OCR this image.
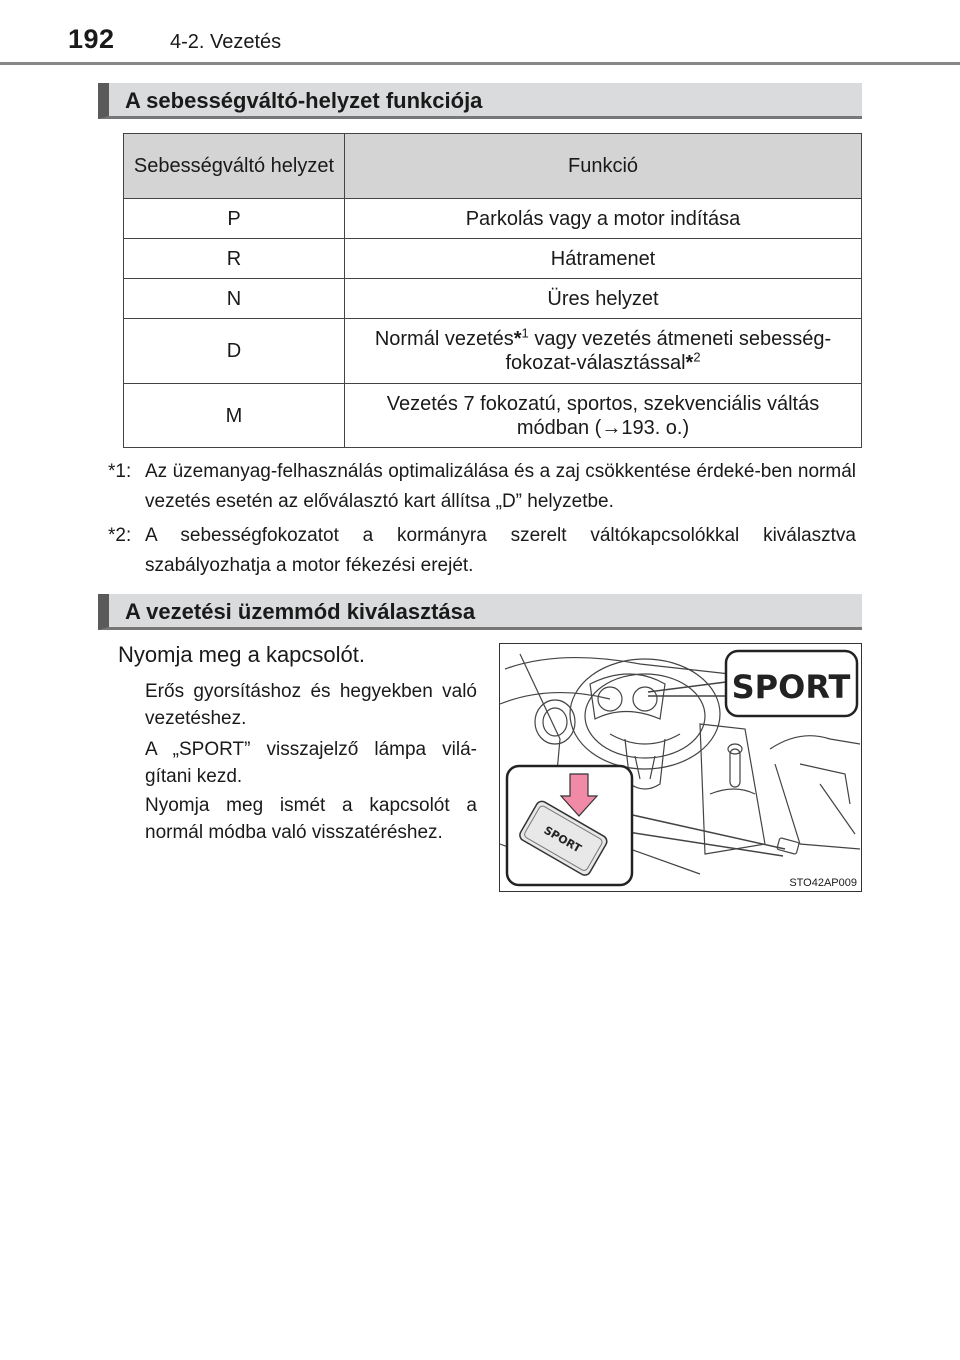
192	4-2. Vezetés
A sebességváltó-helyzet funkciója
Sebességváltó helyzet	Funkció
P	Parkolás vagy a motor indítása
R	Hátramenet
N	Üres helyzet
D	Normál vezetés*$^1$ vagy vezetés átmeneti sebesség-fokozat-választással*$^2$
M	Vezetés 7 fokozatú, sportos, szekvenciális váltás módban (→193. o.)
*1: Az üzemanyag-felhasználás optimalizálása és a zaj csökkentése érdeké-ben normál vezetés esetén az előválasztó kart állítsa „D” helyzetbe.
*2: A sebességfokozatot a kormányra szerelt váltókapcsolókkal kiválasztva szabályozhatja a motor fékezési erejét.
A vezetési üzemmód kiválasztása
Nyomja meg a kapcsolót.
Erős gyorsításhoz és hegyekben való vezetéshez.
A „SPORT” visszajelző lámpa vilá-gítani kezd.
Nyomja meg ismét a kapcsolót a normál módba való visszatéréshez.
SPORT
SPORT
STO42AP009
